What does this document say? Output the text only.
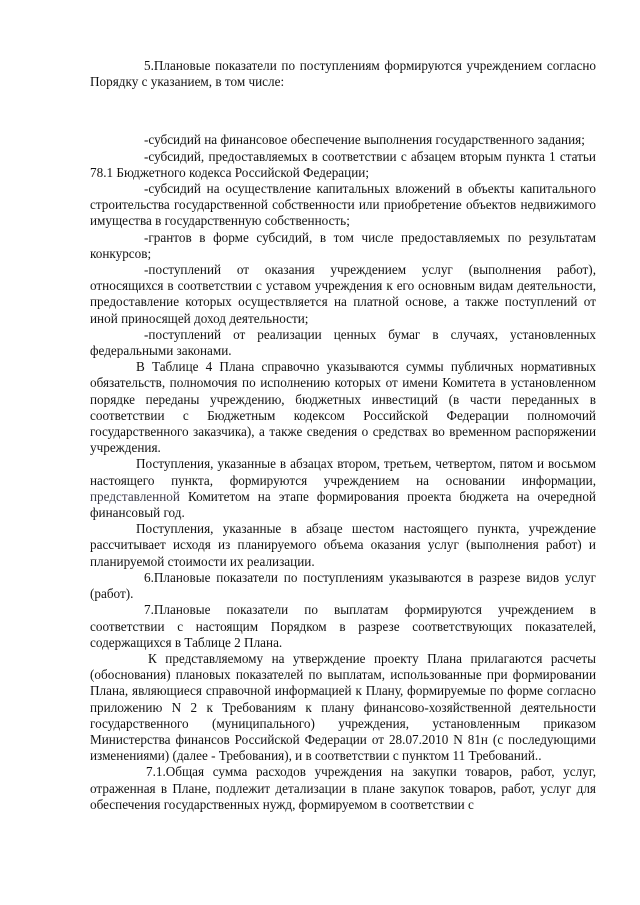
5.Плановые показатели по поступлениям формируются учреждением согласно Порядку с указанием, в том числе:

-субсидий на финансовое обеспечение выполнения государственного задания;

-субсидий, предоставляемых в соответствии с абзацем вторым пункта 1 статьи 78.1 Бюджетного кодекса Российской Федерации;

-субсидий на осуществление капитальных вложений в объекты капитального строительства государственной собственности или приобретение объектов недвижимого имущества в государственную собственность;

-грантов в форме субсидий, в том числе предоставляемых по результатам конкурсов;

-поступлений от оказания учреждением услуг (выполнения работ), относящихся в соответствии с уставом учреждения к его основным видам деятельности, предоставление которых осуществляется на платной основе, а также поступлений от иной приносящей доход деятельности;

-поступлений от реализации ценных бумаг в случаях, установленных федеральными законами.

В Таблице 4 Плана справочно указываются суммы публичных нормативных обязательств, полномочия по исполнению которых от имени Комитета в установленном порядке переданы учреждению, бюджетных инвестиций (в части переданных в соответствии с Бюджетным кодексом Российской Федерации полномочий государственного заказчика), а также сведения о средствах во временном распоряжении учреждения.

Поступления, указанные в абзацах втором, третьем, четвертом, пятом и восьмом настоящего пункта, формируются учреждением на основании информации, представленной Комитетом на этапе формирования проекта бюджета на очередной финансовый год.

Поступления, указанные в абзаце шестом настоящего пункта, учреждение рассчитывает исходя из планируемого объема оказания услуг (выполнения работ) и планируемой стоимости их реализации.

6.Плановые показатели по поступлениям указываются в разрезе видов услуг (работ).

7.Плановые показатели по выплатам формируются учреждением в соответствии с настоящим Порядком в разрезе соответствующих показателей, содержащихся в Таблице 2 Плана.

К представляемому на утверждение проекту Плана прилагаются расчеты (обоснования) плановых показателей по выплатам, использованные при формировании Плана, являющиеся справочной информацией к Плану, формируемые по форме согласно приложению N 2 к Требованиям к плану финансово-хозяйственной деятельности государственного (муниципального) учреждения, установленным приказом Министерства финансов Российской Федерации от 28.07.2010 N 81н (с последующими изменениями) (далее - Требования), и в соответствии с пунктом 11 Требований..

7.1.Общая сумма расходов учреждения на закупки товаров, работ, услуг, отраженная в Плане, подлежит детализации в плане закупок товаров, работ, услуг для обеспечения государственных нужд, формируемом в соответствии с
